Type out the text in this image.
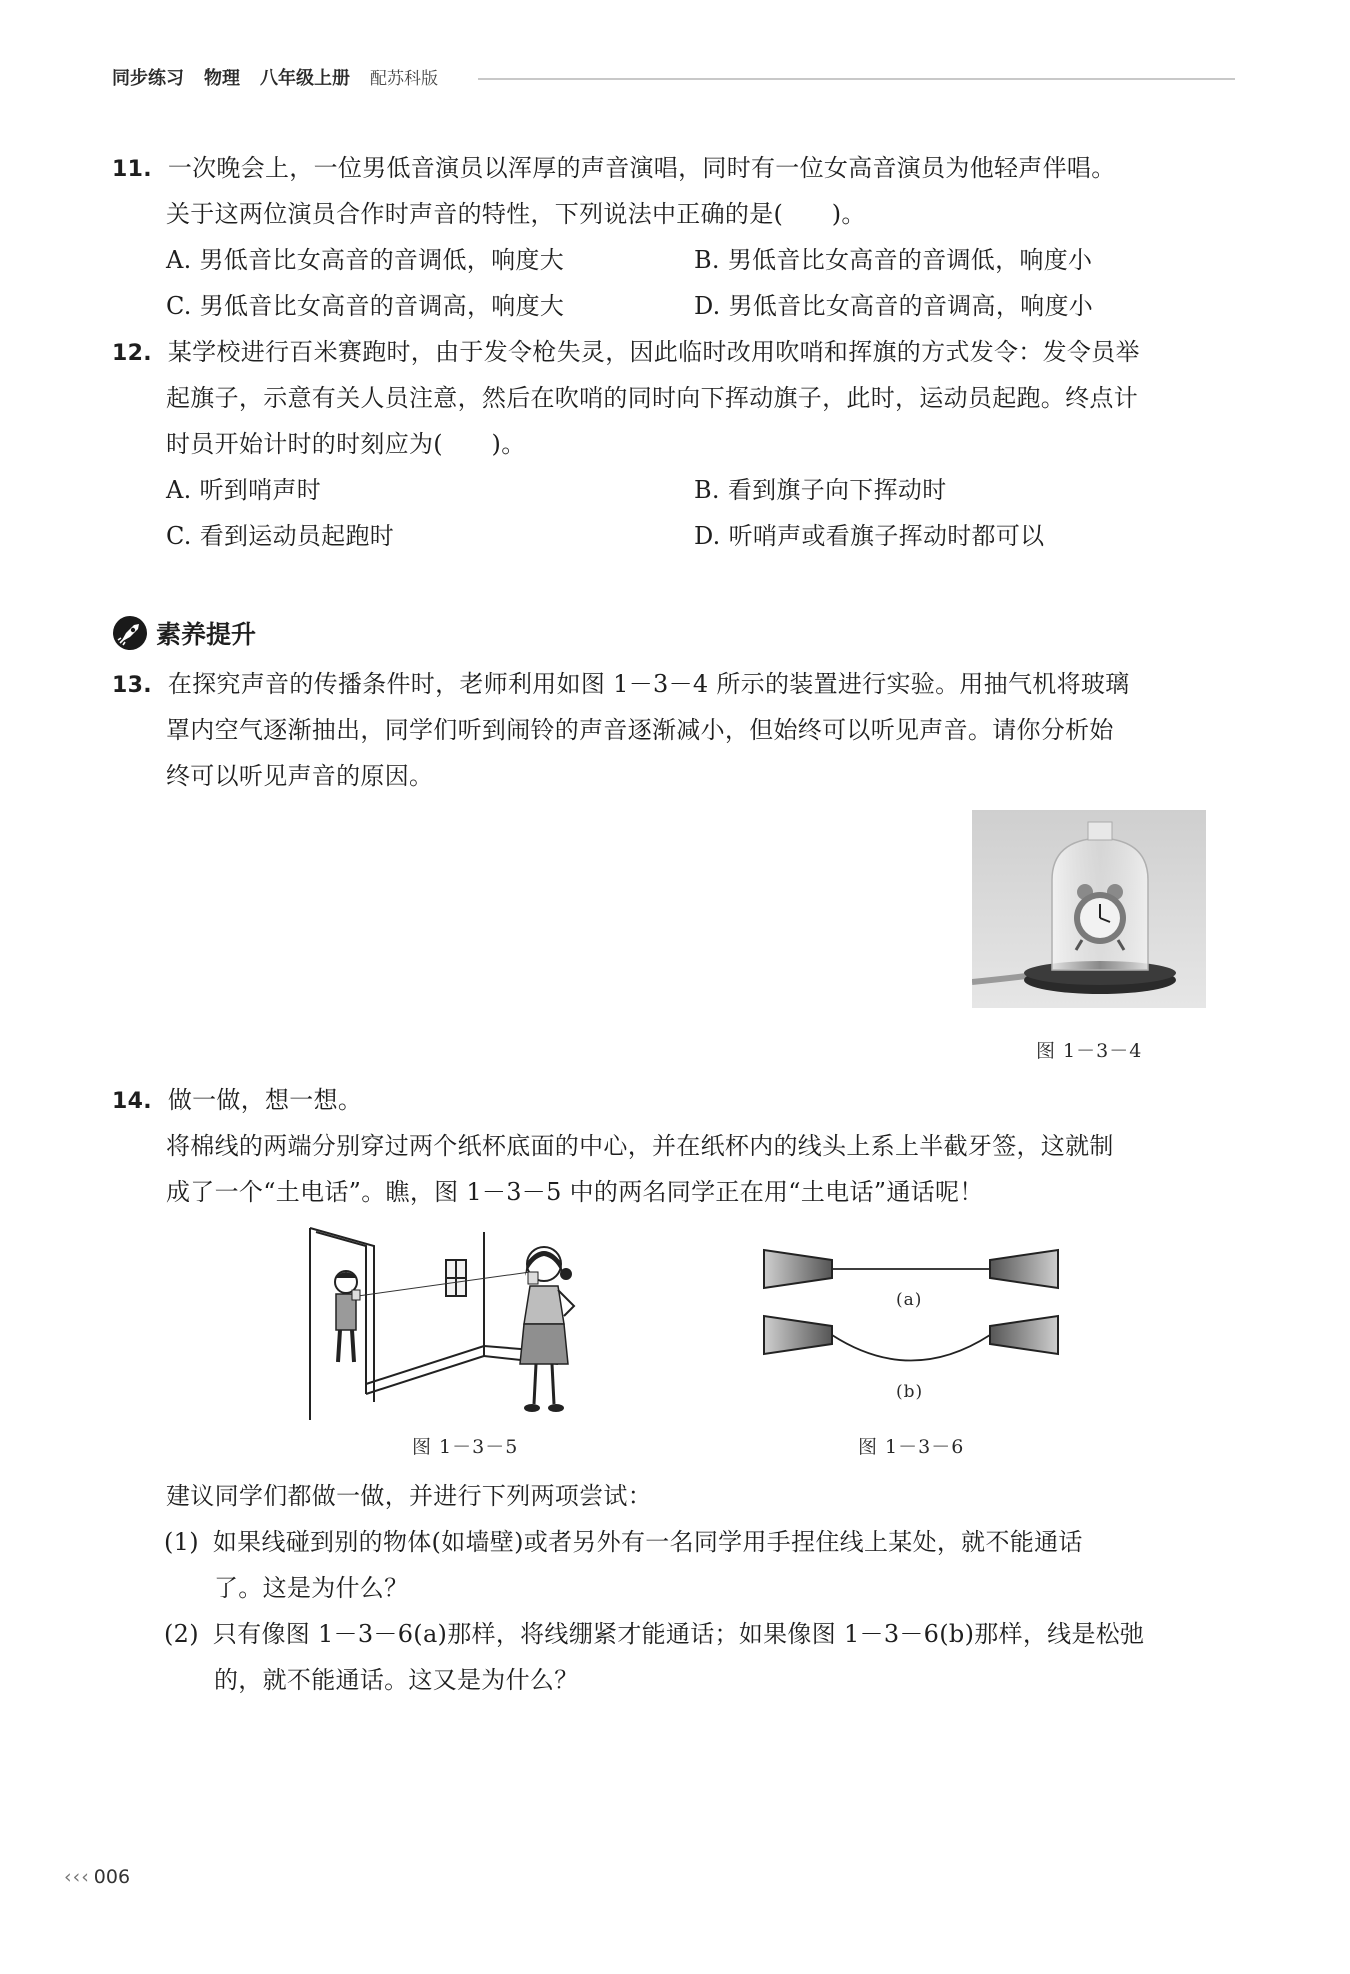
同步练习 物理 八年级上册 配苏科版
11. 一次晚会上，一位男低音演员以浑厚的声音演唱，同时有一位女高音演员为他轻声伴唱。
关于这两位演员合作时声音的特性，下列说法中正确的是(　　)。
A. 男低音比女高音的音调低，响度大	B. 男低音比女高音的音调低，响度小
C. 男低音比女高音的音调高，响度大	D. 男低音比女高音的音调高，响度小
12. 某学校进行百米赛跑时，由于发令枪失灵，因此临时改用吹哨和挥旗的方式发令：发令员举
起旗子，示意有关人员注意，然后在吹哨的同时向下挥动旗子，此时，运动员起跑。终点计
时员开始计时的时刻应为(　　)。
A. 听到哨声时	B. 看到旗子向下挥动时
C. 看到运动员起跑时	D. 听哨声或看旗子挥动时都可以
素养提升
13. 在探究声音的传播条件时，老师利用如图 1－3－4 所示的装置进行实验。用抽气机将玻璃
罩内空气逐渐抽出，同学们听到闹铃的声音逐渐减小，但始终可以听见声音。请你分析始
终可以听见声音的原因。
图 1－3－4
14. 做一做，想一想。
将棉线的两端分别穿过两个纸杯底面的中心，并在纸杯内的线头上系上半截牙签，这就制
成了一个“土电话”。瞧，图 1－3－5 中的两名同学正在用“土电话”通话呢！
图 1－3－5
(a)
(b)
图 1－3－6
建议同学们都做一做，并进行下列两项尝试：
(1) 如果线碰到别的物体(如墙壁)或者另外有一名同学用手捏住线上某处，就不能通话
了。这是为什么？
(2) 只有像图 1－3－6(a)那样，将线绷紧才能通话；如果像图 1－3－6(b)那样，线是松弛
的，就不能通话。这又是为什么？
‹‹‹ 006
